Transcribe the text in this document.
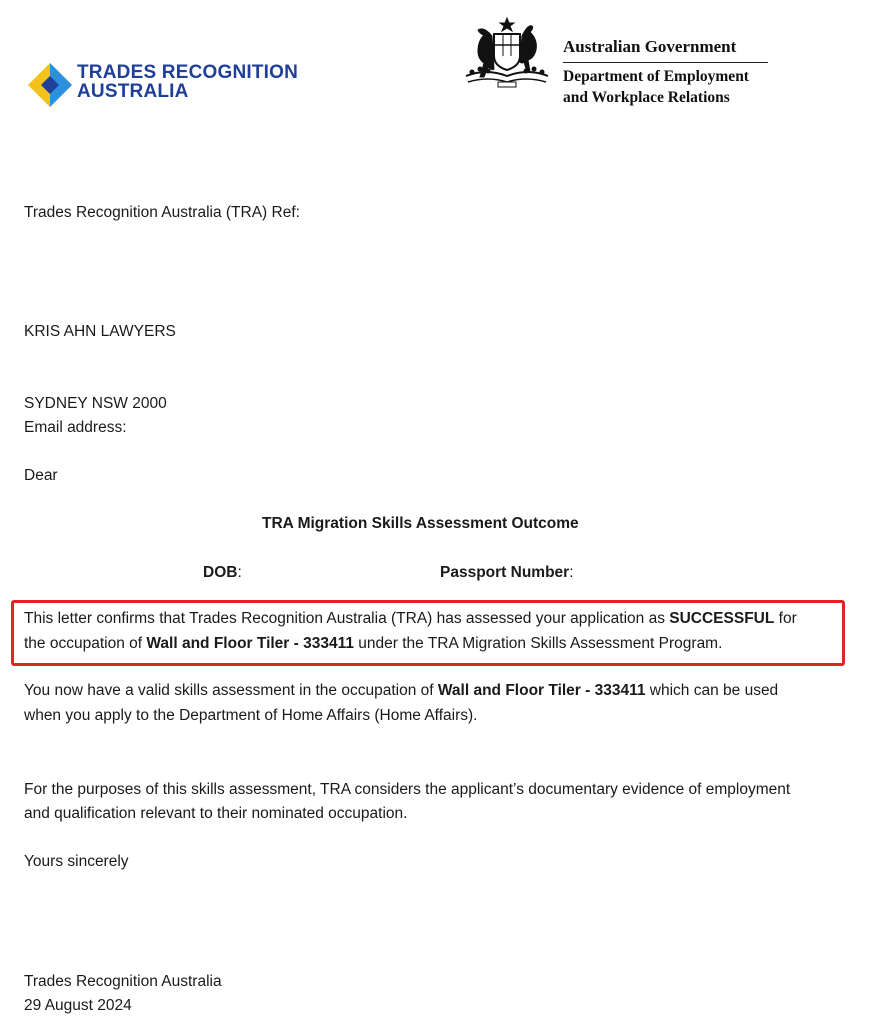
TRADES RECOGNITION
AUSTRALIA
Australian Government
Department of Employment
and Workplace Relations
Trades Recognition Australia (TRA) Ref:
KRIS AHN LAWYERS
SYDNEY NSW 2000
Email address:
Dear
TRA Migration Skills Assessment Outcome
DOB:	Passport Number:
This letter confirms that Trades Recognition Australia (TRA) has assessed your application as SUCCESSFUL for
the occupation of Wall and Floor Tiler - 333411 under the TRA Migration Skills Assessment Program.
You now have a valid skills assessment in the occupation of Wall and Floor Tiler - 333411 which can be used
when you apply to the Department of Home Affairs (Home Affairs).
For the purposes of this skills assessment, TRA considers the applicant’s documentary evidence of employment
and qualification relevant to their nominated occupation.
Yours sincerely
Trades Recognition Australia
29 August 2024
